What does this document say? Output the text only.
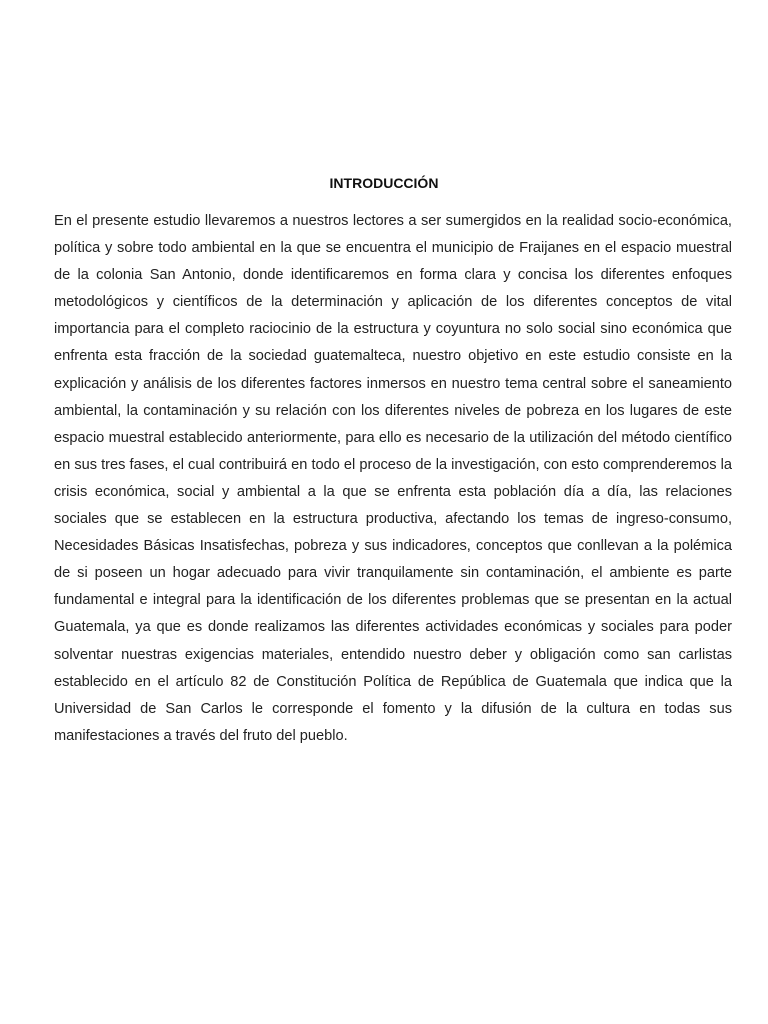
INTRODUCCIÓN

En el presente estudio llevaremos a nuestros lectores a ser sumergidos en la realidad socio-económica, política y sobre todo ambiental en la que se encuentra el municipio de Fraijanes en el espacio muestral de la colonia San Antonio, donde identificaremos en forma clara y concisa los diferentes enfoques metodológicos y científicos de la determinación y aplicación de los diferentes conceptos de vital importancia para el completo raciocinio de la estructura y coyuntura no solo social sino económica que enfrenta esta fracción de la sociedad guatemalteca, nuestro objetivo en este estudio consiste en la explicación y análisis de los diferentes factores inmersos en nuestro tema central sobre el saneamiento ambiental, la contaminación y su relación con los diferentes niveles de pobreza en los lugares de este espacio muestral establecido anteriormente, para ello es necesario de la utilización del método científico en sus tres fases, el cual contribuirá en todo el proceso de la investigación, con esto comprenderemos la crisis económica, social y ambiental a la que se enfrenta esta población día a día, las relaciones sociales que se establecen en la estructura productiva, afectando los temas de ingreso-consumo, Necesidades Básicas Insatisfechas, pobreza y sus indicadores, conceptos que conllevan a la polémica de si poseen un hogar adecuado para vivir tranquilamente sin contaminación, el ambiente es parte fundamental e integral para la identificación de los diferentes problemas que se presentan en la actual Guatemala, ya que es donde realizamos las diferentes actividades económicas y sociales para poder solventar nuestras exigencias materiales, entendido nuestro deber y obligación como san carlistas establecido en el artículo 82 de Constitución Política de República de Guatemala que indica que la Universidad de San Carlos le corresponde el fomento y la difusión de la cultura en todas sus manifestaciones a través del fruto del pueblo.
